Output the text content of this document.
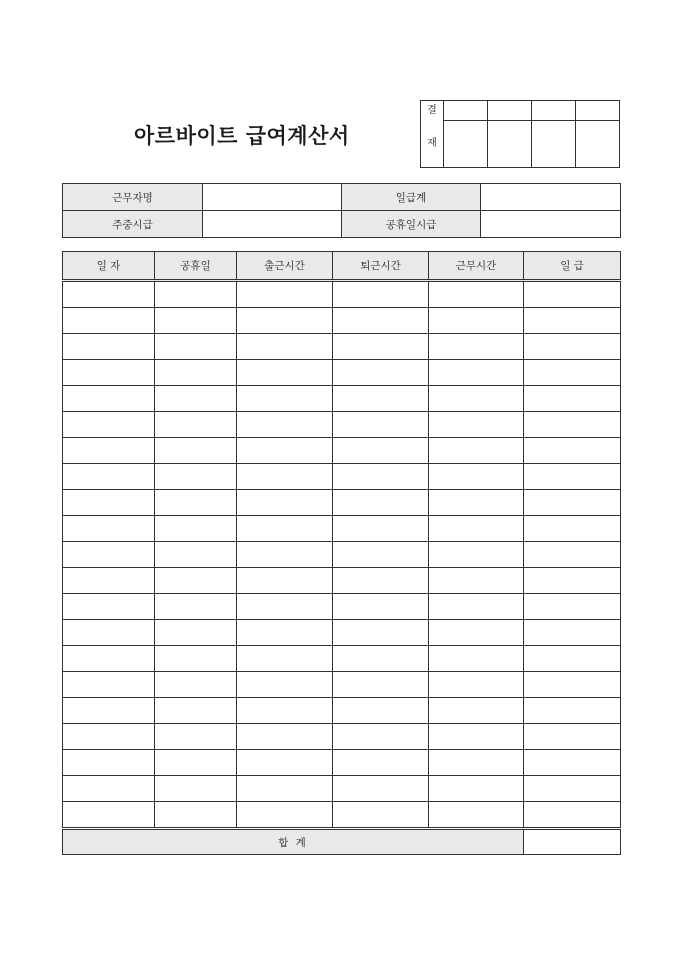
아르바이트 급여계산서
결
재				

근무자명		일급계	
주중시급		공휴일시급	
일 자	공휴일	출근시간	퇴근시간	근무시간	일 급

합 계					
